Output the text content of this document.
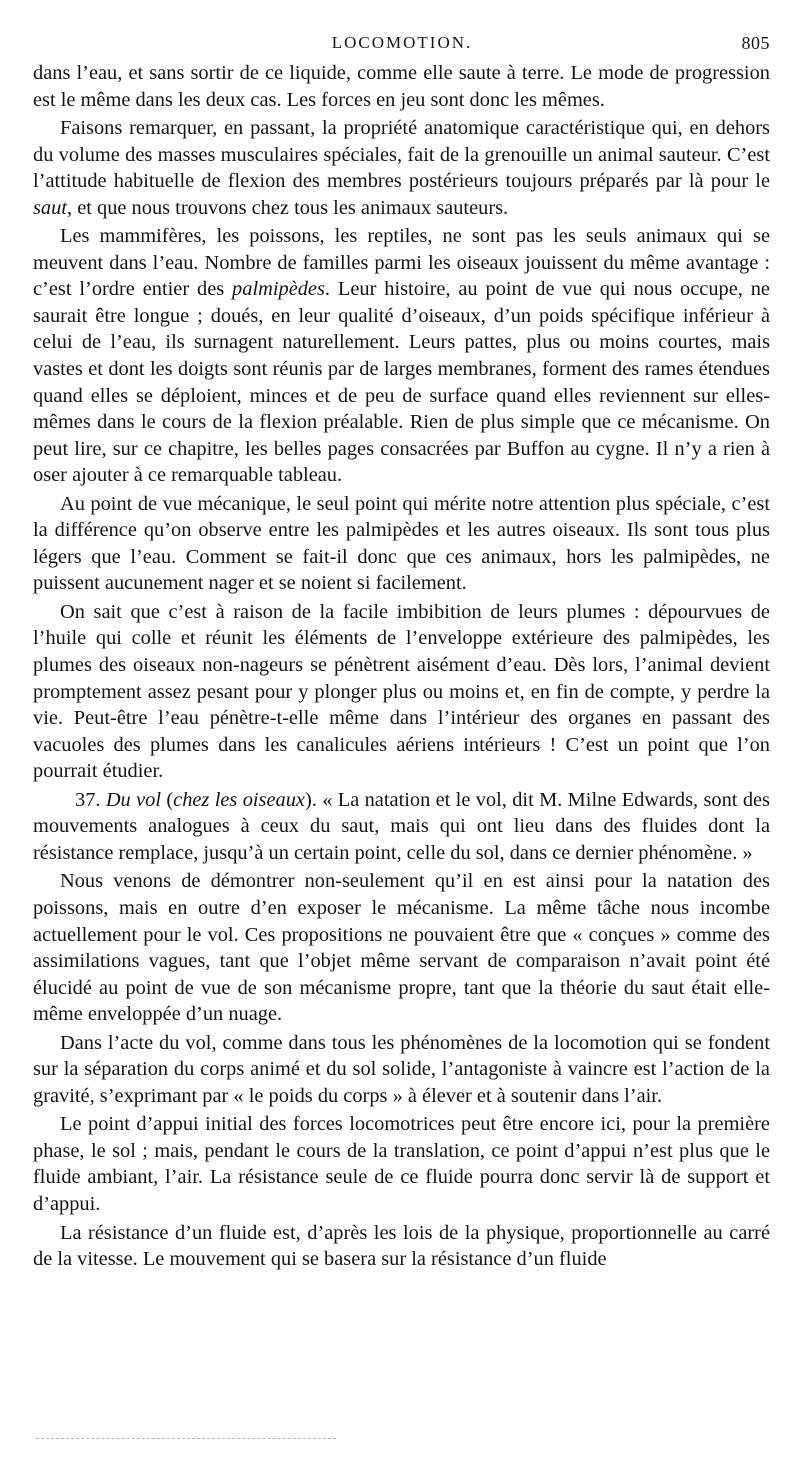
LOCOMOTION.	805

dans l’eau, et sans sortir de ce liquide, comme elle saute à terre. Le mode de progression est le même dans les deux cas. Les forces en jeu sont donc les mêmes.

Faisons remarquer, en passant, la propriété anatomique caractéristique qui, en dehors du volume des masses musculaires spéciales, fait de la grenouille un animal sauteur. C’est l’attitude habituelle de flexion des membres postérieurs toujours préparés par là pour le saut, et que nous trouvons chez tous les animaux sauteurs.

Les mammifères, les poissons, les reptiles, ne sont pas les seuls animaux qui se meuvent dans l’eau. Nombre de familles parmi les oiseaux jouissent du même avantage : c’est l’ordre entier des palmipèdes. Leur histoire, au point de vue qui nous occupe, ne saurait être longue ; doués, en leur qualité d’oiseaux, d’un poids spécifique inférieur à celui de l’eau, ils surnagent naturellement. Leurs pattes, plus ou moins courtes, mais vastes et dont les doigts sont réunis par de larges membranes, forment des rames étendues quand elles se déploient, minces et de peu de surface quand elles reviennent sur elles-mêmes dans le cours de la flexion préalable. Rien de plus simple que ce mécanisme. On peut lire, sur ce chapitre, les belles pages consacrées par Buffon au cygne. Il n’y a rien à oser ajouter à ce remarquable tableau.

Au point de vue mécanique, le seul point qui mérite notre attention plus spéciale, c’est la différence qu’on observe entre les palmipèdes et les autres oiseaux. Ils sont tous plus légers que l’eau. Comment se fait-il donc que ces animaux, hors les palmipèdes, ne puissent aucunement nager et se noient si facilement.

On sait que c’est à raison de la facile imbibition de leurs plumes : dépourvues de l’huile qui colle et réunit les éléments de l’enveloppe extérieure des palmipèdes, les plumes des oiseaux non-nageurs se pénètrent aisément d’eau. Dès lors, l’animal devient promptement assez pesant pour y plonger plus ou moins et, en fin de compte, y perdre la vie. Peut-être l’eau pénètre-t-elle même dans l’intérieur des organes en passant des vacuoles des plumes dans les canalicules aériens intérieurs ! C’est un point que l’on pourrait étudier.

37. Du vol (chez les oiseaux). « La natation et le vol, dit M. Milne Edwards, sont des mouvements analogues à ceux du saut, mais qui ont lieu dans des fluides dont la résistance remplace, jusqu’à un certain point, celle du sol, dans ce dernier phénomène. »

Nous venons de démontrer non-seulement qu’il en est ainsi pour la natation des poissons, mais en outre d’en exposer le mécanisme. La même tâche nous incombe actuellement pour le vol. Ces propositions ne pouvaient être que « conçues » comme des assimilations vagues, tant que l’objet même servant de comparaison n’avait point été élucidé au point de vue de son mécanisme propre, tant que la théorie du saut était elle-même enveloppée d’un nuage.

Dans l’acte du vol, comme dans tous les phénomènes de la locomotion qui se fondent sur la séparation du corps animé et du sol solide, l’antagoniste à vaincre est l’action de la gravité, s’exprimant par « le poids du corps » à élever et à soutenir dans l’air.

Le point d’appui initial des forces locomotrices peut être encore ici, pour la première phase, le sol ; mais, pendant le cours de la translation, ce point d’appui n’est plus que le fluide ambiant, l’air. La résistance seule de ce fluide pourra donc servir là de support et d’appui.

La résistance d’un fluide est, d’après les lois de la physique, proportionnelle au carré de la vitesse. Le mouvement qui se basera sur la résistance d’un fluide
